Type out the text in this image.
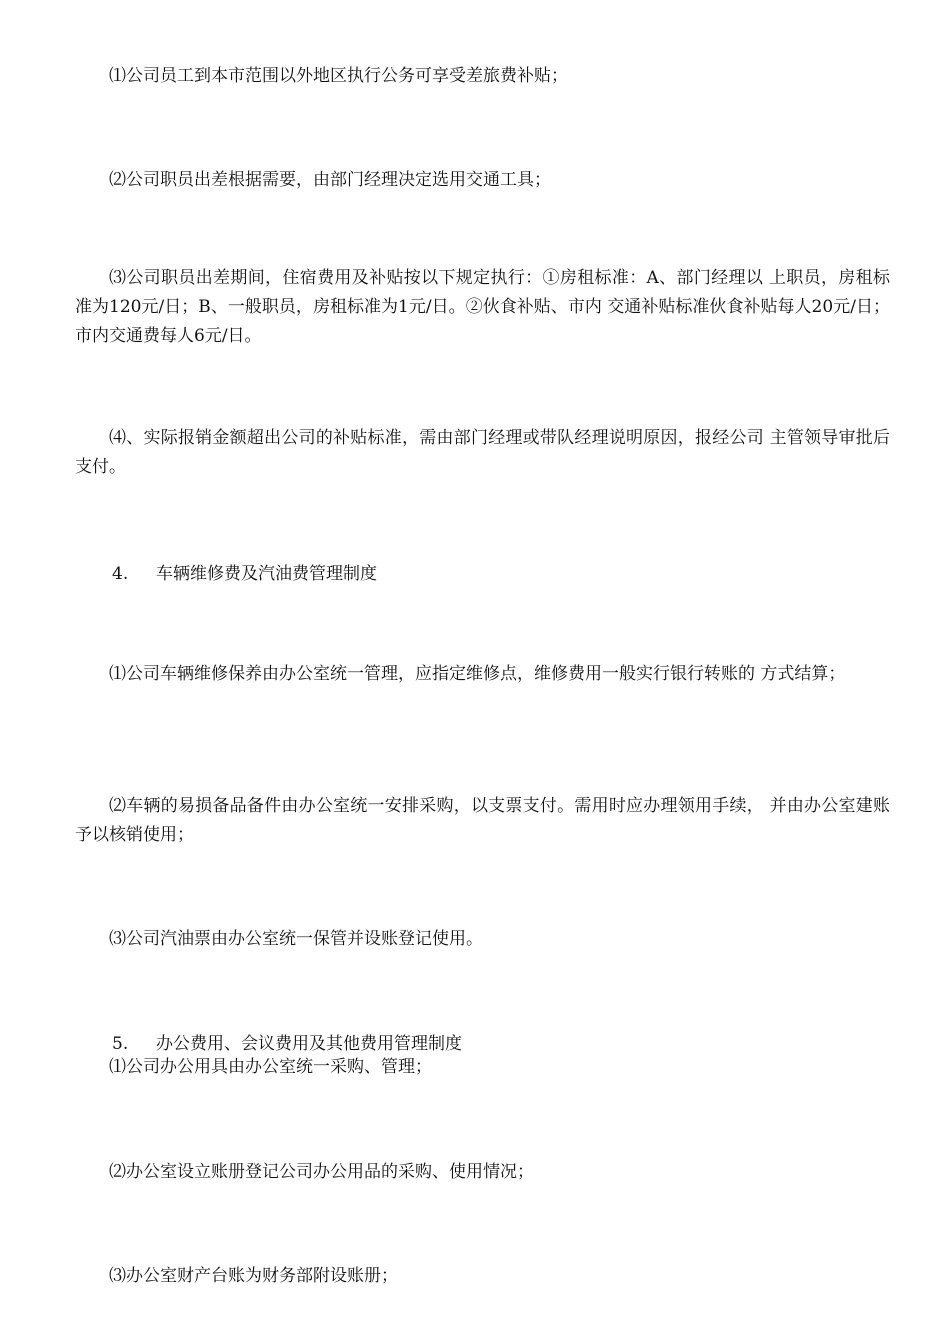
⑴公司员工到本市范围以外地区执行公务可享受差旅费补贴；

⑵公司职员出差根据需要，由部门经理决定选用交通工具；

⑶公司职员出差期间，住宿费用及补贴按以下规定执行：①房租标准：A、部门经理以 上职员，房租标准为120元/日；B、一般职员，房租标准为1元/日。②伙食补贴、市内 交通补贴标准伙食补贴每人20元/日；市内交通费每人6元/日。

⑷、实际报销金额超出公司的补贴标准，需由部门经理或带队经理说明原因，报经公司 主管领导审批后支付。

4. 车辆维修费及汽油费管理制度

⑴公司车辆维修保养由办公室统一管理，应指定维修点，维修费用一般实行银行转账的 方式结算；

⑵车辆的易损备品备件由办公室统一安排采购，以支票支付。需用时应办理领用手续， 并由办公室建账予以核销使用；

⑶公司汽油票由办公室统一保管并设账登记使用。

5. 办公费用、会议费用及其他费用管理制度

⑴公司办公用具由办公室统一采购、管理；

⑵办公室设立账册登记公司办公用品的采购、使用情况；

⑶办公室财产台账为财务部附设账册；
